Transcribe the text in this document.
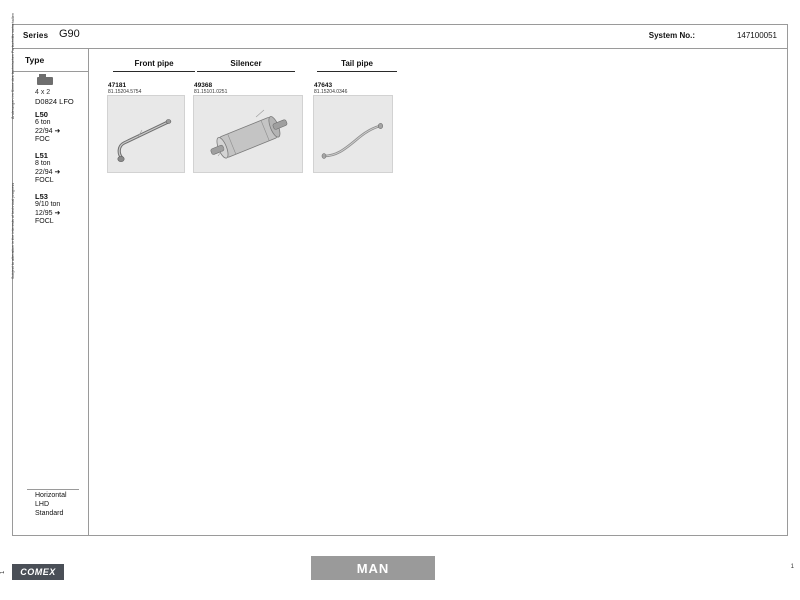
Series G90	System No.:	147100051
Type
Änderungen im Sinne des technischen Fortschritts vorbehalten
Subject to alteration in the interests of technical progress
4 x 2
D0824 LFO
L50
6 ton
22/94 ➜
FOC
L51
8 ton
22/94 ➜
FOCL
L53
9/10 ton
12/95 ➜
FOCL
Horizontal
LHD
Standard
Front pipe	Silencer	Tail pipe
47181
81.15204.5754
49368
81.15101.0251
47643
81.15204.0346
1
1
COMEX	MAN
